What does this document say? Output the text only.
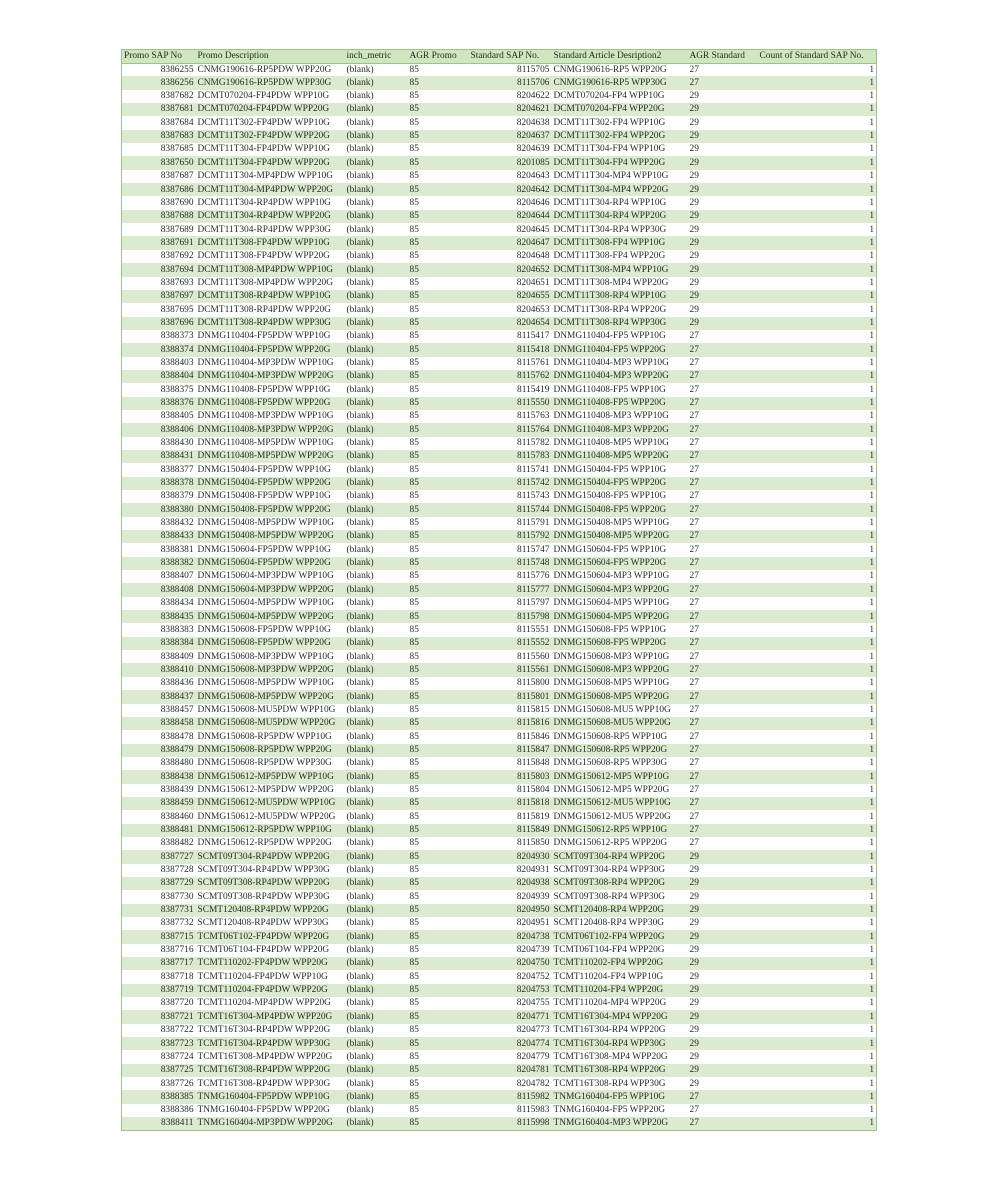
Promo SAP No	Promo Description	inch_metric	AGR Promo	Standard SAP No.	Standard Article Desription2	AGR Standard	Count of Standard SAP No.
8386255	CNMG190616-RP5PDW WPP20G	(blank)	85	8115705	CNMG190616-RP5 WPP20G	27	1
8386256	CNMG190616-RP5PDW WPP30G	(blank)	85	8115706	CNMG190616-RP5 WPP30G	27	1
8387682	DCMT070204-FP4PDW WPP10G	(blank)	85	8204622	DCMT070204-FP4 WPP10G	29	1
8387681	DCMT070204-FP4PDW WPP20G	(blank)	85	8204621	DCMT070204-FP4 WPP20G	29	1
8387684	DCMT11T302-FP4PDW WPP10G	(blank)	85	8204638	DCMT11T302-FP4 WPP10G	29	1
8387683	DCMT11T302-FP4PDW WPP20G	(blank)	85	8204637	DCMT11T302-FP4 WPP20G	29	1
8387685	DCMT11T304-FP4PDW WPP10G	(blank)	85	8204639	DCMT11T304-FP4 WPP10G	29	1
8387650	DCMT11T304-FP4PDW WPP20G	(blank)	85	8201085	DCMT11T304-FP4 WPP20G	29	1
8387687	DCMT11T304-MP4PDW WPP10G	(blank)	85	8204643	DCMT11T304-MP4 WPP10G	29	1
8387686	DCMT11T304-MP4PDW WPP20G	(blank)	85	8204642	DCMT11T304-MP4 WPP20G	29	1
8387690	DCMT11T304-RP4PDW WPP10G	(blank)	85	8204646	DCMT11T304-RP4 WPP10G	29	1
8387688	DCMT11T304-RP4PDW WPP20G	(blank)	85	8204644	DCMT11T304-RP4 WPP20G	29	1
8387689	DCMT11T304-RP4PDW WPP30G	(blank)	85	8204645	DCMT11T304-RP4 WPP30G	29	1
8387691	DCMT11T308-FP4PDW WPP10G	(blank)	85	8204647	DCMT11T308-FP4 WPP10G	29	1
8387692	DCMT11T308-FP4PDW WPP20G	(blank)	85	8204648	DCMT11T308-FP4 WPP20G	29	1
8387694	DCMT11T308-MP4PDW WPP10G	(blank)	85	8204652	DCMT11T308-MP4 WPP10G	29	1
8387693	DCMT11T308-MP4PDW WPP20G	(blank)	85	8204651	DCMT11T308-MP4 WPP20G	29	1
8387697	DCMT11T308-RP4PDW WPP10G	(blank)	85	8204655	DCMT11T308-RP4 WPP10G	29	1
8387695	DCMT11T308-RP4PDW WPP20G	(blank)	85	8204653	DCMT11T308-RP4 WPP20G	29	1
8387696	DCMT11T308-RP4PDW WPP30G	(blank)	85	8204654	DCMT11T308-RP4 WPP30G	29	1
8388373	DNMG110404-FP5PDW WPP10G	(blank)	85	8115417	DNMG110404-FP5 WPP10G	27	1
8388374	DNMG110404-FP5PDW WPP20G	(blank)	85	8115418	DNMG110404-FP5 WPP20G	27	1
8388403	DNMG110404-MP3PDW WPP10G	(blank)	85	8115761	DNMG110404-MP3 WPP10G	27	1
8388404	DNMG110404-MP3PDW WPP20G	(blank)	85	8115762	DNMG110404-MP3 WPP20G	27	1
8388375	DNMG110408-FP5PDW WPP10G	(blank)	85	8115419	DNMG110408-FP5 WPP10G	27	1
8388376	DNMG110408-FP5PDW WPP20G	(blank)	85	8115550	DNMG110408-FP5 WPP20G	27	1
8388405	DNMG110408-MP3PDW WPP10G	(blank)	85	8115763	DNMG110408-MP3 WPP10G	27	1
8388406	DNMG110408-MP3PDW WPP20G	(blank)	85	8115764	DNMG110408-MP3 WPP20G	27	1
8388430	DNMG110408-MP5PDW WPP10G	(blank)	85	8115782	DNMG110408-MP5 WPP10G	27	1
8388431	DNMG110408-MP5PDW WPP20G	(blank)	85	8115783	DNMG110408-MP5 WPP20G	27	1
8388377	DNMG150404-FP5PDW WPP10G	(blank)	85	8115741	DNMG150404-FP5 WPP10G	27	1
8388378	DNMG150404-FP5PDW WPP20G	(blank)	85	8115742	DNMG150404-FP5 WPP20G	27	1
8388379	DNMG150408-FP5PDW WPP10G	(blank)	85	8115743	DNMG150408-FP5 WPP10G	27	1
8388380	DNMG150408-FP5PDW WPP20G	(blank)	85	8115744	DNMG150408-FP5 WPP20G	27	1
8388432	DNMG150408-MP5PDW WPP10G	(blank)	85	8115791	DNMG150408-MP5 WPP10G	27	1
8388433	DNMG150408-MP5PDW WPP20G	(blank)	85	8115792	DNMG150408-MP5 WPP20G	27	1
8388381	DNMG150604-FP5PDW WPP10G	(blank)	85	8115747	DNMG150604-FP5 WPP10G	27	1
8388382	DNMG150604-FP5PDW WPP20G	(blank)	85	8115748	DNMG150604-FP5 WPP20G	27	1
8388407	DNMG150604-MP3PDW WPP10G	(blank)	85	8115776	DNMG150604-MP3 WPP10G	27	1
8388408	DNMG150604-MP3PDW WPP20G	(blank)	85	8115777	DNMG150604-MP3 WPP20G	27	1
8388434	DNMG150604-MP5PDW WPP10G	(blank)	85	8115797	DNMG150604-MP5 WPP10G	27	1
8388435	DNMG150604-MP5PDW WPP20G	(blank)	85	8115798	DNMG150604-MP5 WPP20G	27	1
8388383	DNMG150608-FP5PDW WPP10G	(blank)	85	8115551	DNMG150608-FP5 WPP10G	27	1
8388384	DNMG150608-FP5PDW WPP20G	(blank)	85	8115552	DNMG150608-FP5 WPP20G	27	1
8388409	DNMG150608-MP3PDW WPP10G	(blank)	85	8115560	DNMG150608-MP3 WPP10G	27	1
8388410	DNMG150608-MP3PDW WPP20G	(blank)	85	8115561	DNMG150608-MP3 WPP20G	27	1
8388436	DNMG150608-MP5PDW WPP10G	(blank)	85	8115800	DNMG150608-MP5 WPP10G	27	1
8388437	DNMG150608-MP5PDW WPP20G	(blank)	85	8115801	DNMG150608-MP5 WPP20G	27	1
8388457	DNMG150608-MU5PDW WPP10G	(blank)	85	8115815	DNMG150608-MU5 WPP10G	27	1
8388458	DNMG150608-MU5PDW WPP20G	(blank)	85	8115816	DNMG150608-MU5 WPP20G	27	1
8388478	DNMG150608-RP5PDW WPP10G	(blank)	85	8115846	DNMG150608-RP5 WPP10G	27	1
8388479	DNMG150608-RP5PDW WPP20G	(blank)	85	8115847	DNMG150608-RP5 WPP20G	27	1
8388480	DNMG150608-RP5PDW WPP30G	(blank)	85	8115848	DNMG150608-RP5 WPP30G	27	1
8388438	DNMG150612-MP5PDW WPP10G	(blank)	85	8115803	DNMG150612-MP5 WPP10G	27	1
8388439	DNMG150612-MP5PDW WPP20G	(blank)	85	8115804	DNMG150612-MP5 WPP20G	27	1
8388459	DNMG150612-MU5PDW WPP10G	(blank)	85	8115818	DNMG150612-MU5 WPP10G	27	1
8388460	DNMG150612-MU5PDW WPP20G	(blank)	85	8115819	DNMG150612-MU5 WPP20G	27	1
8388481	DNMG150612-RP5PDW WPP10G	(blank)	85	8115849	DNMG150612-RP5 WPP10G	27	1
8388482	DNMG150612-RP5PDW WPP20G	(blank)	85	8115850	DNMG150612-RP5 WPP20G	27	1
8387727	SCMT09T304-RP4PDW WPP20G	(blank)	85	8204930	SCMT09T304-RP4 WPP20G	29	1
8387728	SCMT09T304-RP4PDW WPP30G	(blank)	85	8204931	SCMT09T304-RP4 WPP30G	29	1
8387729	SCMT09T308-RP4PDW WPP20G	(blank)	85	8204938	SCMT09T308-RP4 WPP20G	29	1
8387730	SCMT09T308-RP4PDW WPP30G	(blank)	85	8204939	SCMT09T308-RP4 WPP30G	29	1
8387731	SCMT120408-RP4PDW WPP20G	(blank)	85	8204950	SCMT120408-RP4 WPP20G	29	1
8387732	SCMT120408-RP4PDW WPP30G	(blank)	85	8204951	SCMT120408-RP4 WPP30G	29	1
8387715	TCMT06T102-FP4PDW WPP20G	(blank)	85	8204738	TCMT06T102-FP4 WPP20G	29	1
8387716	TCMT06T104-FP4PDW WPP20G	(blank)	85	8204739	TCMT06T104-FP4 WPP20G	29	1
8387717	TCMT110202-FP4PDW WPP20G	(blank)	85	8204750	TCMT110202-FP4 WPP20G	29	1
8387718	TCMT110204-FP4PDW WPP10G	(blank)	85	8204752	TCMT110204-FP4 WPP10G	29	1
8387719	TCMT110204-FP4PDW WPP20G	(blank)	85	8204753	TCMT110204-FP4 WPP20G	29	1
8387720	TCMT110204-MP4PDW WPP20G	(blank)	85	8204755	TCMT110204-MP4 WPP20G	29	1
8387721	TCMT16T304-MP4PDW WPP20G	(blank)	85	8204771	TCMT16T304-MP4 WPP20G	29	1
8387722	TCMT16T304-RP4PDW WPP20G	(blank)	85	8204773	TCMT16T304-RP4 WPP20G	29	1
8387723	TCMT16T304-RP4PDW WPP30G	(blank)	85	8204774	TCMT16T304-RP4 WPP30G	29	1
8387724	TCMT16T308-MP4PDW WPP20G	(blank)	85	8204779	TCMT16T308-MP4 WPP20G	29	1
8387725	TCMT16T308-RP4PDW WPP20G	(blank)	85	8204781	TCMT16T308-RP4 WPP20G	29	1
8387726	TCMT16T308-RP4PDW WPP30G	(blank)	85	8204782	TCMT16T308-RP4 WPP30G	29	1
8388385	TNMG160404-FP5PDW WPP10G	(blank)	85	8115982	TNMG160404-FP5 WPP10G	27	1
8388386	TNMG160404-FP5PDW WPP20G	(blank)	85	8115983	TNMG160404-FP5 WPP20G	27	1
8388411	TNMG160404-MP3PDW WPP20G	(blank)	85	8115998	TNMG160404-MP3 WPP20G	27	1
